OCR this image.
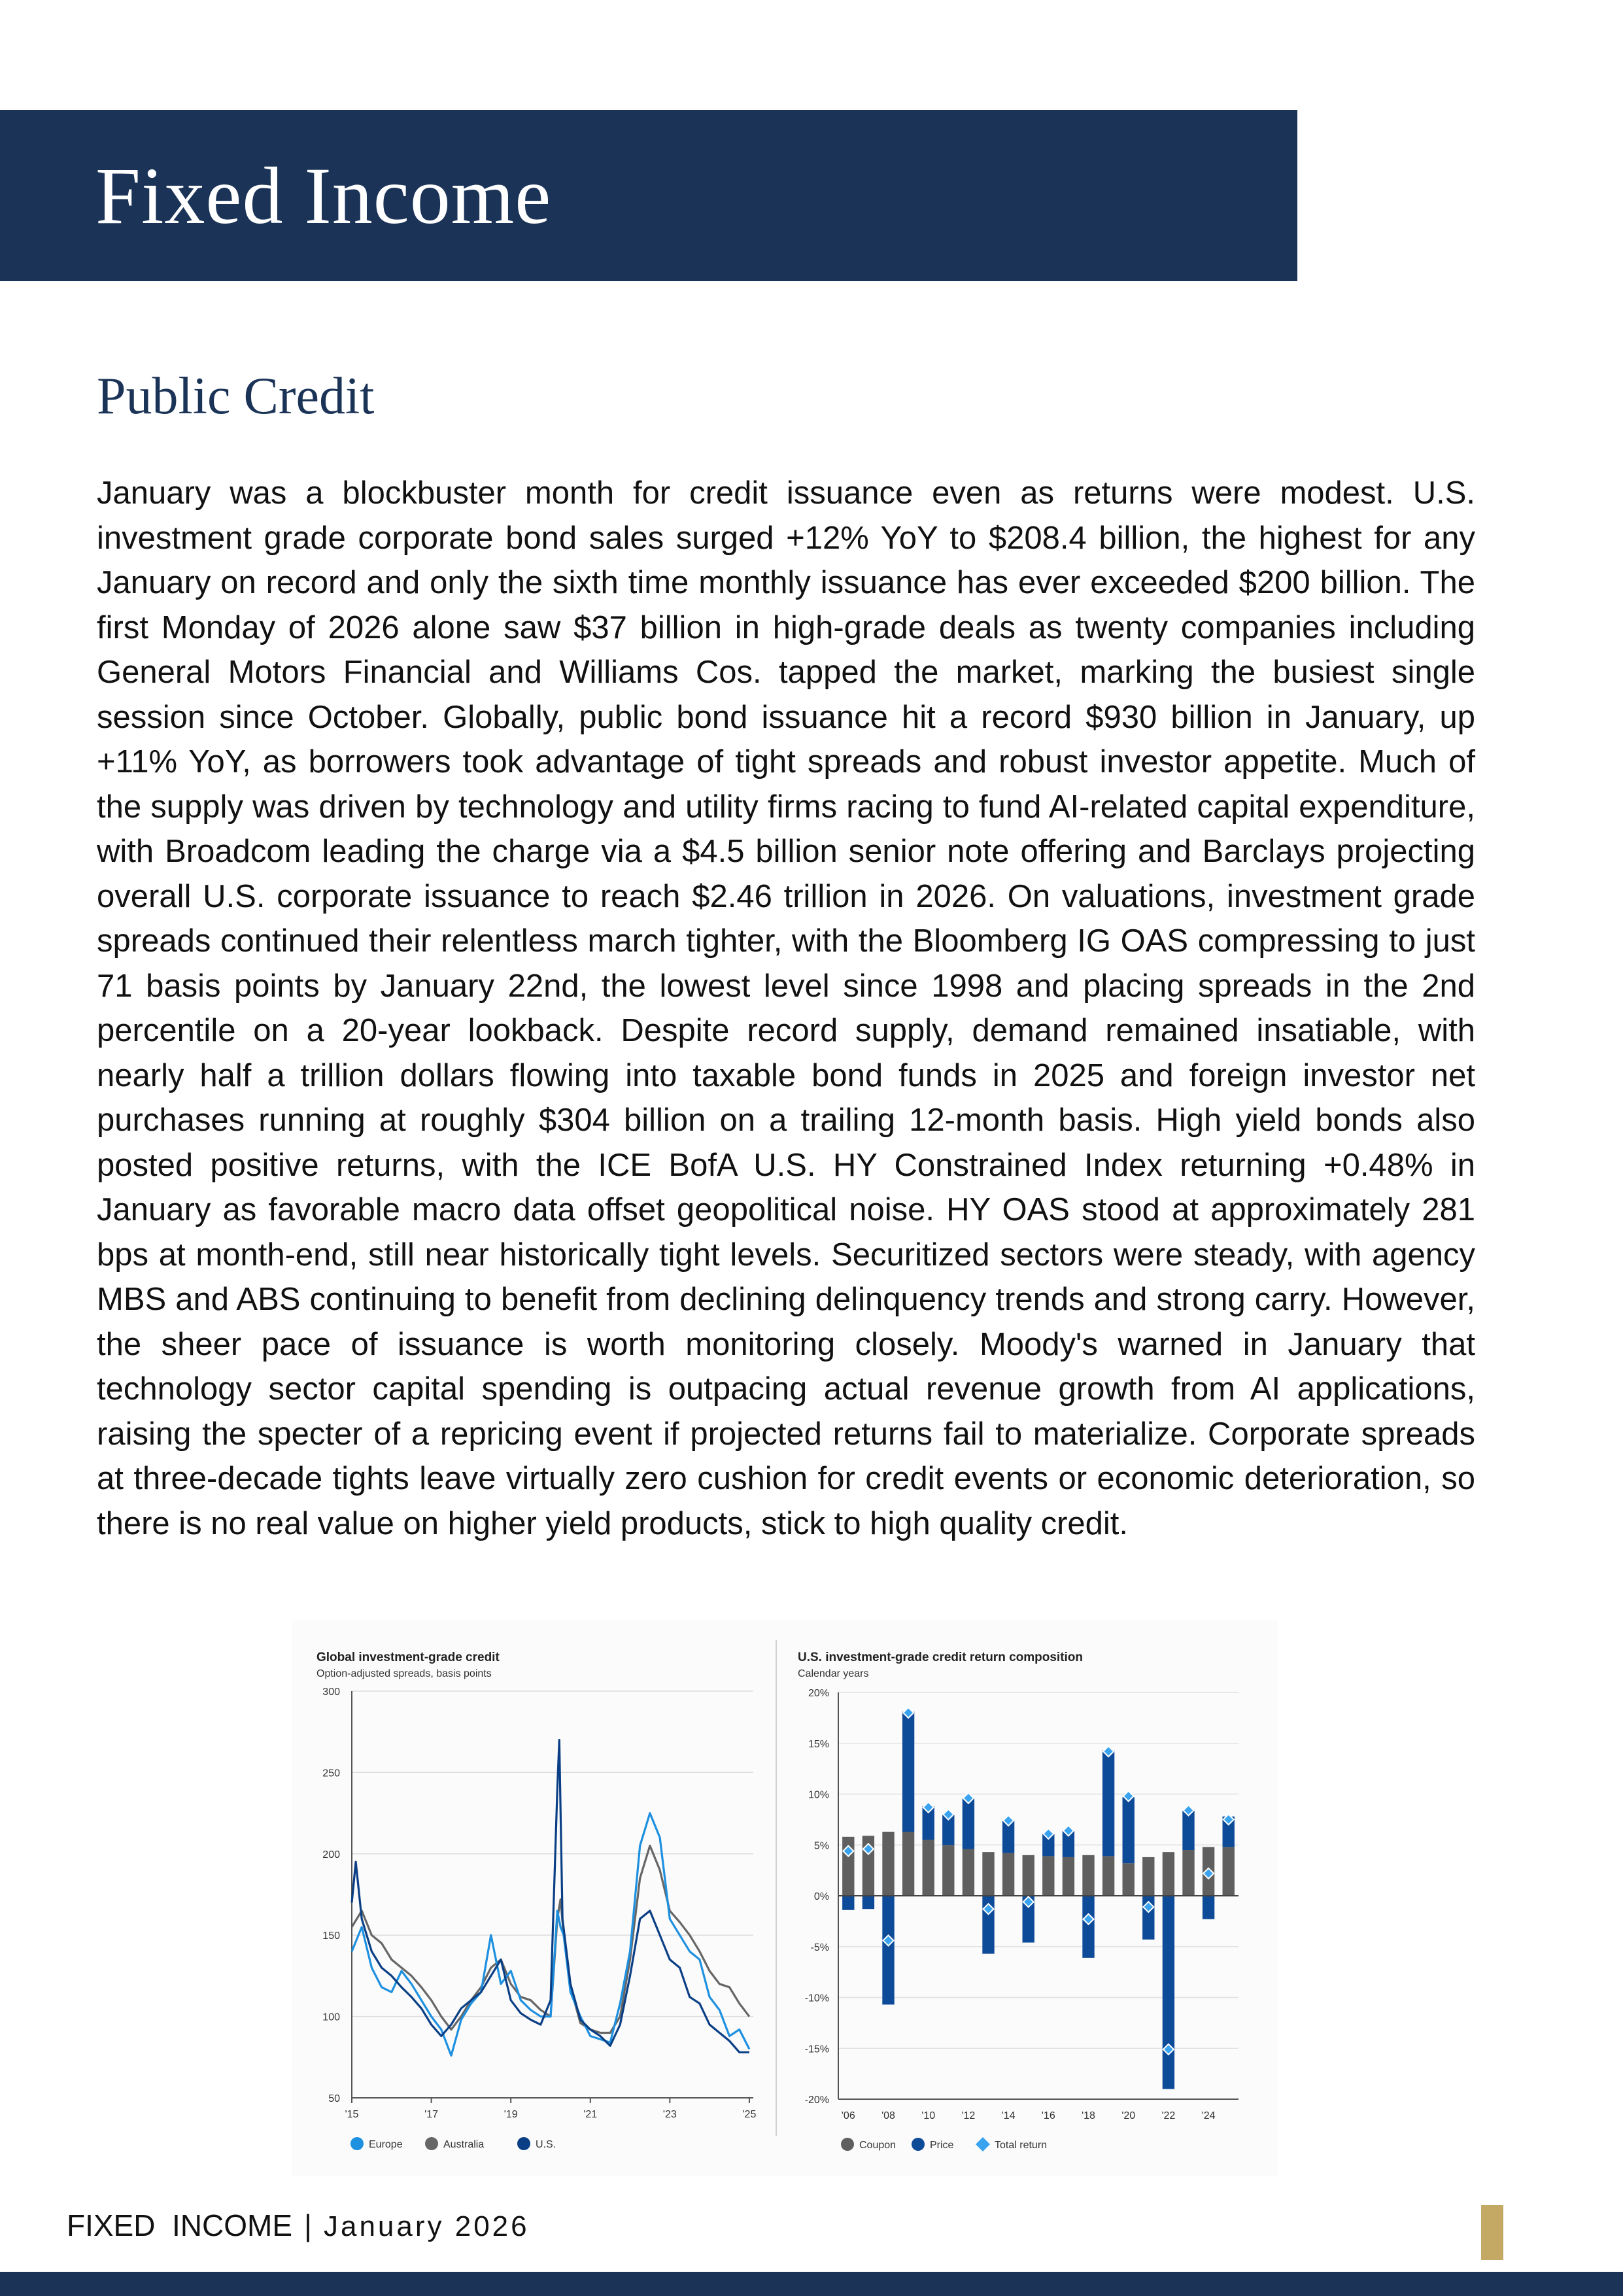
Fixed Income
Public Credit

January was a blockbuster month for credit issuance even as returns were modest. U.S. investment grade corporate bond sales surged +12% YoY to $208.4 billion, the highest for any January on record and only the sixth time monthly issuance has ever exceeded $200 billion. The first Monday of 2026 alone saw $37 billion in high-grade deals as twenty companies including General Motors Financial and Williams Cos. tapped the market, marking the busiest single session since October. Globally, public bond issuance hit a record $930 billion in January, up +11% YoY, as borrowers took advantage of tight spreads and robust investor appetite. Much of the supply was driven by technology and utility firms racing to fund AI-related capital expenditure, with Broadcom leading the charge via a $4.5 billion senior note offering and Barclays projecting overall U.S. corporate issuance to reach $2.46 trillion in 2026. On valuations, investment grade spreads continued their relentless march tighter, with the Bloomberg IG OAS compressing to just 71 basis points by January 22nd, the lowest level since 1998 and placing spreads in the 2nd percentile on a 20-year lookback. Despite record supply, demand remained insatiable, with nearly half a trillion dollars flowing into taxable bond funds in 2025 and foreign investor net purchases running at roughly $304 billion on a trailing 12-month basis. High yield bonds also posted positive returns, with the ICE BofA U.S. HY Constrained Index returning +0.48% in January as favorable macro data offset geopolitical noise. HY OAS stood at approximately 281 bps at month-end, still near historically tight levels. Securitized sectors were steady, with agency MBS and ABS continuing to benefit from declining delinquency trends and strong carry. However, the sheer pace of issuance is worth monitoring closely. Moody's warned in January that technology sector capital spending is outpacing actual revenue growth from AI applications, raising the specter of a repricing event if projected returns fail to materialize. Corporate spreads at three-decade tights leave virtually zero cushion for credit events or economic deterioration, so there is no real value on higher yield products, stick to high quality credit.

Global investment-grade credit
Option-adjusted spreads, basis points
50
100
150
200
250
300
'15	'17	'19	'21	'23	'25
Europe	Australia	U.S.
U.S. investment-grade credit return composition
Calendar years
-20%
-15%
-10%
-5%
0%
5%
10%
15%
20%
'06	'08	'10	'12	'14	'16	'18	'20	'22	'24
Coupon	Price	Total return
FIXED  INCOME | January 2026
